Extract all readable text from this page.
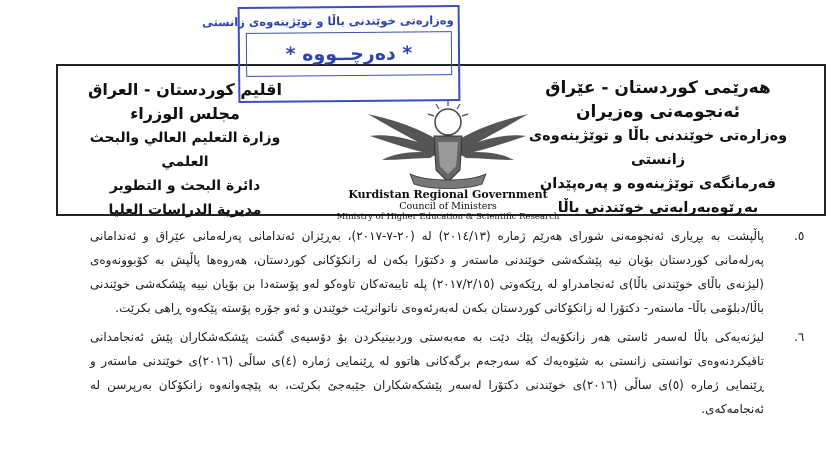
هەرێمی کوردستان - عێراق
ئەنجومەنی وەزیران
وەزارەتی خوێندنی باڵا و توێژینەوەی زانستی
فەرمانگەی توێژینەوە و پەرەپێدان
بەڕێوەبەرایەتی خوێندنی باڵا
اقليم كوردستان - العراق
مجلس الوزراء
وزارة التعليم العالي والبحث العلمي
دائرة البحث و التطوير
مديرية الدراسات العليا
Kurdistan Regional Government
Council of Ministers
Ministry of Higher Education & Scientific Research
وەزارەتی خوێندنی باڵا و توێژینەوەی زانستی
* دەرچــووە *
.٥
پاڵپشت بە بڕیاری ئەنجومەنی شورای هەرێم ژمارە (٢٠١٤/١٣) لە (٢٠-٧-٢٠١٧)، بەڕێزان ئەندامانی پەرلەمانی عێراق و ئەندامانی پەرلەمانی کوردستان بۆیان نیە پێشکەشی خوێندنی ماستەر و دکتۆرا بکەن لە زانکۆکانی کوردستان، هەروەها پاڵپش بە کۆبوونەوەی (لیژنەی باڵای خوێندنی باڵا)ی ئەنجامدراو لە ڕێکەوتی (٢٠١٧/٢/١٥) پلە تایبەتەکان تاوەکو لەو پۆستەدا بن بۆیان نییە پێشکەشی خوێندنی باڵا/دبلۆمی باڵا- ماستەر- دکتۆرا لە زانکۆکانی کوردستان بکەن لەبەرئەوەی ناتوانرێت خوێندن و ئەو جۆرە پۆستە پێکەوە ڕاهی بکرێت.
.٦
لیژنەیەکی باڵا لەسەر ئاستی هەر زانکۆیەك پێك دێت بە مەبەستی وردبینیکردن بۆ دۆسیەی گشت پێشکەشکاران پێش ئەنجامدانی تاقیکردنەوەی توانستی زانستی بە شێوەیەك کە سەرجەم برگەکانی هاتوو لە ڕێنمایی ژمارە (٤)ی ساڵی (٢٠١٦)ی خوێندنی ماستەر و ڕێنمایی ژمارە (٥)ی ساڵی (٢٠١٦)ی خوێندنی دکتۆرا لەسەر پێشکەشکاران جێبەجێ بکرێت، بە پێچەوانەوە زانکۆکان بەرپرسن لە ئەنجامەکەی.
